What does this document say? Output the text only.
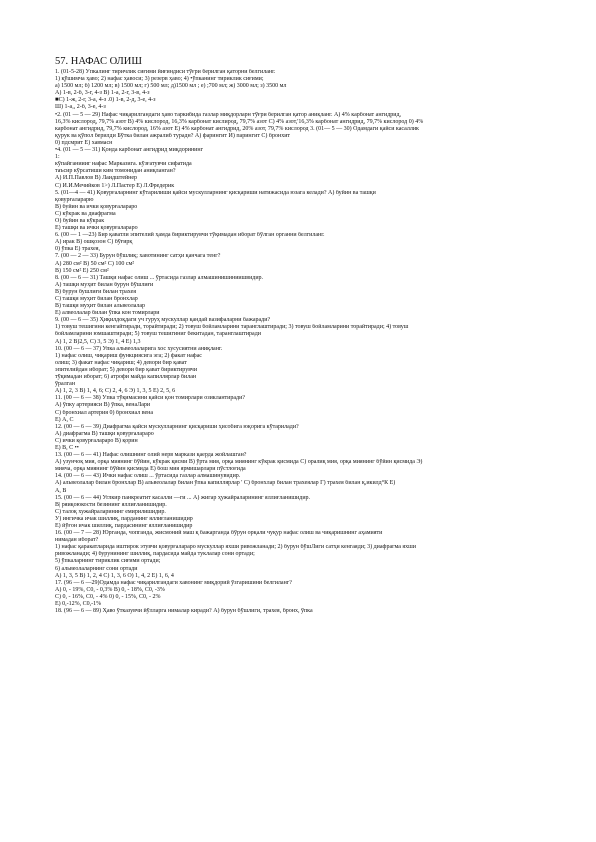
57. НАФАС ОЛИШ
1. (01-5-28) Ўпкалинг тиричлик сиғими йиғиндиси тўғри берилган қаторни белгиланг.
1) қўшимча ҳаво; 2) нафас ҳавоси; 3) резерв ҳаво; 4) •ўпканинг тириклик сиғими;
а) 1500 мл; б) 1200 мл; в) 1500 мл; г) 500 мл; д)1500 мл ; е) ;700 мл; ж) 3000 мл; з) 3500 мл
А) 1-в, 2-б, 3-г, 4-з В) 1-а, 2-г, 3-в, 4-з
■С) 1-ж, 2-г, 3-а, 4-з .0) 1-в, 2-д, 3-е, 4-з
Ш) 1-а,, 2-б, 3-е, 4-з
•2. (01 — 5 — 29) Нафас чиқарилгандаги ҳаво таркибида газлар миқдорларн тўғри берилган қатор аниқланг. А) 4% карбонат ангидрид,
16,3% кислород, 79,7% азот В) 4% кислород, 16,3% карбонат кислирод, 79,7% азот С) 4% азот,'16,3% карбонат ангидрид, 79,7% кислород 0) 4%
карбонат ангидрид, 79,7% кислород, 16% азот Е) 4% карбонат ангидрид, 20% азот, 79,7% кислород 3. (01— 5 — 30) Одамдаги қайси касаллик
қурук ва қўпол берилди Бўтка билан ажралиб турадн? А) фарингит Й) парингит С) бронхит
0) пдсмрит Е) хавмасн
•4. (01 — 5 — 31) Қонда карбонат ангидрид миқдорининг
1:
кўпайганиииг нафас Марказига. кўзғатувчи сифатида
таъсир кўрсатиши ким томонидан аниқланган?
А) И.П.Павлов В) Лаидштейнер
С) И.И.Мечийков 1>) Л.Пастер Е) Л.Фредерик
5. (01—4 — 41) Қовурғаларнинг кўтарилиши қайси мускулларнинг қисқариши натижасида юзага келади? А) буйин ва ташқи
қовурғаларарю
В) буйин ва ички қовурғалараро
С) кўкрак ва диафрагма
О) буйин ва кўкрак
Е) ташқи ва ички қовурғалараро
6. (00 — 1 —23) Бир қаватли эпителий ҳамда бириктирувчи тўқимадан иборат бўлган органни белгиланг.
А) ирак В) ошқозон С) бўғирқ
0) ўпка Е) трахея,
7. (00 — 2 — 33) Бурун бўшлиқ; хавотининг сатҳи қанчага тенг?
А) 280 см² В) 50 см² С) 100 см²
В) 150 см² Е) 250 см²
8. (00 — 6 — 31) Ташқи нафас олиш ... ўртасида газлар алмашинишиниишвидир.
А) ташқи муҳит билан бурун бўшлиғи
В) бурун бушлиғи билан трахея
С) ташқи муҳит билан бронхлар
В) ташқи муҳит билан альвеолалар
Е) алвеолалар билан ўпка кон томирлари
9. (00 — 6 — 35) Ҳиқилдоқдаги уч гуруҳ мускуллар қандай вазифаларни бажаради?
1) товуш тешигини кенгайтиради, торайтиради; 2) товуш бойламларини таранглаштиради; 3) товуш бойламларини торайтиради; 4) товуш
бойламларини юмшаштиради; 5) товуш тешигиниг бекитадан, таранглаштиради
А) 1, 2 В)2,5, С) 3, 5 Э) 1, 4 Е) 1,3
10. (00 — 6 — 37) Упка альвеолаларига хос хусусиятни аниқланг.
1) нафас олиш, чиқариш функциясига эга; 2) факат нафас
олиш; 3) факат нафас чиқариш; 4) девори бир қават
эпителийдан иборат; 5) девори бир қават бириктирувчи
тўқимадан иборат; 6) атрофи майда капиллярлар билан
ўралган
А) 1, 2, 3 В) 1, 4, 6; С) 2, 4, 6 Э) 1, 3, 5 Е) 2, 5, 6
11. (00 — 6 — 38) Ўпка тўқимасини қайси қон томирлари озиклантиради?
А) ўпку артерияси В) ўпка, венаЛари
С) бронхиал артерия 0) бронхиал вена
Е) А, С
12. (00 — 6 — 39) Диафрагма қайси мускулларнинг қисқариши ҳисобига юқорига кўтарилади?
А) диафрагма В) ташқи қовурғалараро
С) ички қовурғалараро В) қорин
Е) В, С ••
13. (00 — 6 — 41) Нафас олишнинг олий нерв маркази қаерда жойлашган?
А) узунчоқ мия, орқа миянинг бўйин, кўкрак қисми В) ўрта мия, орқа миянинг кўкрак қисмида С) оралиқ мия, орқа миянинг бўйин қисмида Э)
мияча, орқа миянинг бўйин қисмида Е) бош мия ярмишарлари пўстлоғида
14. (00 — 6 — 43) Ички нафас олиш ... ўртасида газлар алмашинувидир.
А) альвеолалар билан бронхлар В) альвеолалар билан ўпка капиллярлар ' С) бронхлар билан трахеялар Г) трахея билан қ,икилд°К Е)
А, В
15. (00 — 6 — 44) Углкир панкреатит касалли —ги ... А) жигар ҳужайраларининг яллиғланишидир.
В| ряиқоюкости безининг яллиғланишидир.
С) талоқ хужайраларининг емирилишидир.
У) ингичка ичак шиллиқ, парданинг яллиғланишидир
Е) йўғон ичак шиллиқ, пардасининг яллиғланишидир
16. (00 — 7 — 28) Юрганда, чопганда, жисмоний маш қ бажарганда бўрун орқали чуқур нафас олиш ва чиқаришнинг аҳамияти
нимадан иборат?
1) нафас қаракатларида иштирок этувчи қовурғалараро мускуллар яхши ривожланади; 2) бурун бўшЛиги сатҳи кенгаяди; 3) диафрагма яхши
ривожланади; 4) бурунининг шиллиқ, пардасида майда туклалар сони ортади;
5) ўпкаларнинг тириклик сиғими ортади;
6) альвеолаларнинг сони ортади
А) 1, 3, 5 В) 1, 2, 4 С) 1, 3, 6 О) 1, 4, 2 Е) 1, 6, 4
17. (96 — 6 —29)Одамда нафас чиқарилгандаги хавонинг миқдорий ўзгаришини белгиланг?
А) 0, - 19%, С0, - 0,3% В) 0, - 18%, С0, -3%
С) 0, - 16%, С0, - 4% 0) 0, - 15%, С0, - 2%
Е) 0,-12%, С0,-1%
18. (96 — 6 — 89) Ҳаво ўтказувчи йўлларга нималар киради? А) бурун бўшлиги, трахея, бронх, ўпка
